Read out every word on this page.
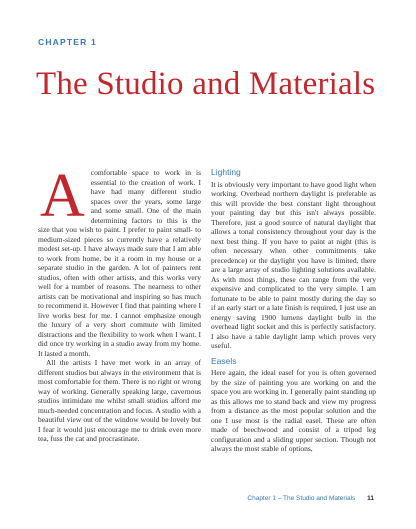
CHAPTER 1
The Studio and Materials
A comfortable space to work in is essential to the creation of work. I have had many different studio spaces over the years, some large and some small. One of the main determining factors to this is the size that you wish to paint. I prefer to paint small- to medium-sized pieces so currently have a relatively modest set-up. I have always made sure that I am able to work from home, be it a room in my house or a separate studio in the garden. A lot of painters rent studios, often with other artists, and this works very well for a number of reasons. The nearness to other artists can be motivational and inspiring so has much to recommend it. However I find that painting where I live works best for me. I cannot emphasize enough the luxury of a very short commute with limited distractions and the flexibility to work when I want. I did once try working in a studio away from my home. It lasted a month.

All the artists I have met work in an array of different studios but always in the environment that is most comfortable for them. There is no right or wrong way of working. Generally speaking large, cavernous studios intimidate me whilst small studios afford me much-needed concentration and focus. A studio with a beautiful view out of the window would be lovely but I fear it would just encourage me to drink even more tea, fuss the cat and procrastinate.

Lighting

It is obviously very important to have good light when working. Overhead northern daylight is preferable as this will provide the best constant light throughout your painting day but this isn't always possible. Therefore, just a good source of natural daylight that allows a tonal consistency throughout your day is the next best thing. If you have to paint at night (this is often necessary when other commitments take precedence) or the daylight you have is limited, there are a large array of studio lighting solutions available. As with most things, these can range from the very expensive and complicated to the very simple. I am fortunate to be able to paint mostly during the day so if an early start or a late finish is required, I just use an energy saving 1900 lumens daylight bulb in the overhead light socket and this is perfectly satisfactory. I also have a table daylight lamp which proves very useful.

Easels

Here again, the ideal easel for you is often governed by the size of painting you are working on and the space you are working in. I generally paint standing up as this allows me to stand back and view my progress from a distance as the most popular solution and the one I use most is the radial easel. These are often made of beechwood and consist of a tripod leg configuration and a sliding upper section. Though not always the most stable of options,

Chapter 1 – The Studio and Materials 11
